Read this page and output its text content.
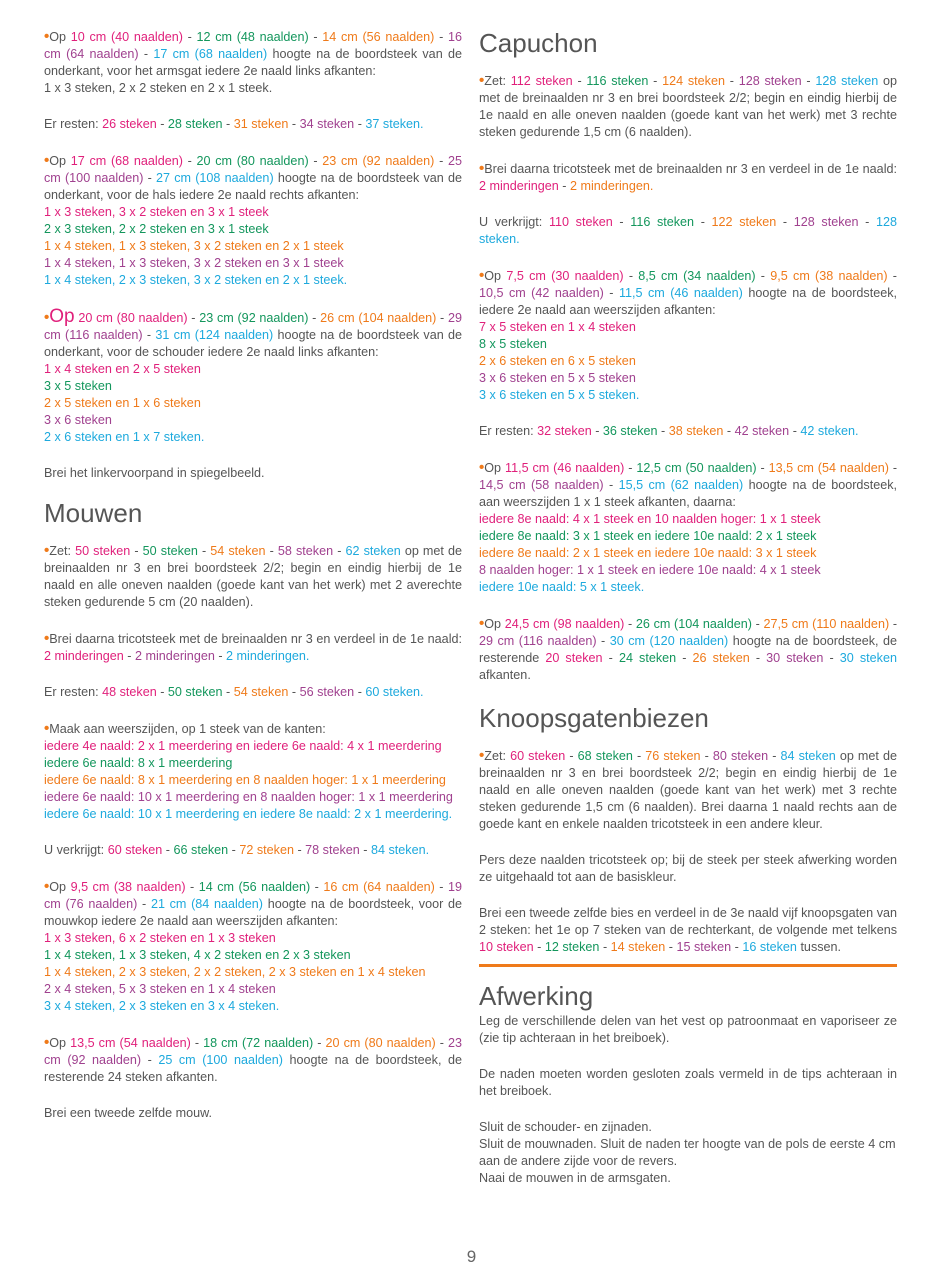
•Op 10 cm (40 naalden) - 12 cm (48 naalden) - 14 cm (56 naalden) - 16 cm (64 naalden) - 17 cm (68 naalden) hoogte na de boordsteek van de onderkant, voor het armsgat iedere 2e naald links afkanten:
1 x 3 steken, 2 x 2 steken en 2 x 1 steek.

Er resten: 26 steken - 28 steken - 31 steken - 34 steken - 37 steken.

•Op 17 cm (68 naalden) - 20 cm (80 naalden) - 23 cm (92 naalden) - 25 cm (100 naalden) - 27 cm (108 naalden) hoogte na de boordsteek van de onderkant, voor de hals iedere 2e naald rechts afkanten:

1 x 3 steken, 3 x 2 steken en 3 x 1 steek
2 x 3 steken, 2 x 2 steken en 3 x 1 steek
1 x 4 steken, 1 x 3 steken, 3 x 2 steken en 2 x 1 steek
1 x 4 steken, 1 x 3 steken, 3 x 2 steken en 3 x 1 steek
1 x 4 steken, 2 x 3 steken, 3 x 2 steken en 2 x 1 steek.

•Op 20 cm (80 naalden) - 23 cm (92 naalden) - 26 cm (104 naalden) - 29 cm (116 naalden) - 31 cm (124 naalden) hoogte na de boordsteek van de onderkant, voor de schouder iedere 2e naald links afkanten:

1 x 4 steken en 2 x 5 steken
3 x 5 steken
2 x 5 steken en 1 x 6 steken
3 x 6 steken
2 x 6 steken en 1 x 7 steken.

Brei het linkervoorpand in spiegelbeeld.

Mouwen

•Zet: 50 steken - 50 steken - 54 steken - 58 steken - 62 steken op met de breinaalden nr 3 en brei boordsteek 2/2; begin en eindig hierbij de 1e naald en alle oneven naalden (goede kant van het werk) met 2 averechte steken gedurende 5 cm (20 naalden).

•Brei daarna tricotsteek met de breinaalden nr 3 en verdeel in de 1e naald: 2 minderingen - 2 minderingen - 2 minderingen.

Er resten: 48 steken - 50 steken - 54 steken - 56 steken - 60 steken.

•Maak aan weerszijden, op 1 steek van de kanten:

iedere 4e naald: 2 x 1 meerdering en iedere 6e naald: 4 x 1 meerdering
iedere 6e naald: 8 x 1 meerdering
iedere 6e naald: 8 x 1 meerdering en 8 naalden hoger: 1 x 1 meerdering
iedere 6e naald: 10 x 1 meerdering en 8 naalden hoger: 1 x 1 meerdering
iedere 6e naald: 10 x 1 meerdering en iedere 8e naald: 2 x 1 meerdering.

U verkrijgt: 60 steken - 66 steken - 72 steken - 78 steken - 84 steken.

•Op 9,5 cm (38 naalden) - 14 cm (56 naalden) - 16 cm (64 naalden) - 19 cm (76 naalden) - 21 cm (84 naalden) hoogte na de boordsteek, voor de mouwkop iedere 2e naald aan weerszijden afkanten:

1 x 3 steken, 6 x 2 steken en 1 x 3 steken
1 x 4 steken, 1 x 3 steken, 4 x 2 steken en 2 x 3 steken
1 x 4 steken, 2 x 3 steken, 2 x 2 steken, 2 x 3 steken en 1 x 4 steken
2 x 4 steken, 5 x 3 steken en 1 x 4 steken
3 x 4 steken, 2 x 3 steken en 3 x 4 steken.

•Op 13,5 cm (54 naalden) - 18 cm (72 naalden) - 20 cm (80 naalden) - 23 cm (92 naalden) - 25 cm (100 naalden) hoogte na de boordsteek, de resterende 24 steken afkanten.

Brei een tweede zelfde mouw.

Capuchon

•Zet: 112 steken - 116 steken - 124 steken - 128 steken - 128 steken op met de breinaalden nr 3 en brei boordsteek 2/2; begin en eindig hierbij de 1e naald en alle oneven naalden (goede kant van het werk) met 3 rechte steken gedurende 1,5 cm (6 naalden).

•Brei daarna tricotsteek met de breinaalden nr 3 en verdeel in de 1e naald: 2 minderingen - 2 minderingen.

U verkrijgt: 110 steken - 116 steken - 122 steken - 128 steken - 128 steken.

•Op 7,5 cm (30 naalden) - 8,5 cm (34 naalden) - 9,5 cm (38 naalden) - 10,5 cm (42 naalden) - 11,5 cm (46 naalden) hoogte na de boordsteek, iedere 2e naald aan weerszijden afkanten:

7 x 5 steken en 1 x 4 steken
8 x 5 steken
2 x 6 steken en 6 x 5 steken
3 x 6 steken en 5 x 5 steken
3 x 6 steken en 5 x 5 steken.

Er resten: 32 steken - 36 steken - 38 steken - 42 steken - 42 steken.

•Op 11,5 cm (46 naalden) - 12,5 cm (50 naalden) - 13,5 cm (54 naalden) - 14,5 cm (58 naalden) - 15,5 cm (62 naalden) hoogte na de boordsteek, aan weerszijden 1 x 1 steek afkanten, daarna:

iedere 8e naald: 4 x 1 steek en 10 naalden hoger: 1 x 1 steek
iedere 8e naald: 3 x 1 steek en iedere 10e naald: 2 x 1 steek
iedere 8e naald: 2 x 1 steek en iedere 10e naald: 3 x 1 steek
8 naalden hoger: 1 x 1 steek en iedere 10e naald: 4 x 1 steek
iedere 10e naald: 5 x 1 steek.

•Op 24,5 cm (98 naalden) - 26 cm (104 naalden) - 27,5 cm (110 naalden) - 29 cm (116 naalden) - 30 cm (120 naalden) hoogte na de boordsteek, de resterende 20 steken - 24 steken - 26 steken - 30 steken - 30 steken afkanten.

Knoopsgatenbiezen

•Zet: 60 steken - 68 steken - 76 steken - 80 steken - 84 steken op met de breinaalden nr 3 en brei boordsteek 2/2; begin en eindig hierbij de 1e naald en alle oneven naalden (goede kant van het werk) met 3 rechte steken gedurende 1,5 cm (6 naalden). Brei daarna 1 naald rechts aan de goede kant en enkele naalden tricotsteek in een andere kleur.

Pers deze naalden tricotsteek op; bij de steek per steek afwerking worden ze uitgehaald tot aan de basiskleur.

Brei een tweede zelfde bies en verdeel in de 3e naald vijf knoopsgaten van 2 steken: het 1e op 7 steken van de rechterkant, de volgende met telkens 10 steken - 12 steken - 14 steken - 15 steken - 16 steken tussen.

Afwerking

Leg de verschillende delen van het vest op patroonmaat en vaporiseer ze (zie tip achteraan in het breiboek).

De naden moeten worden gesloten zoals vermeld in de tips achteraan in het breiboek.

Sluit de schouder- en zijnaden.
Sluit de mouwnaden. Sluit de naden ter hoogte van de pols de eerste 4 cm aan de andere zijde voor de revers.
Naai de mouwen in de armsgaten.

9
